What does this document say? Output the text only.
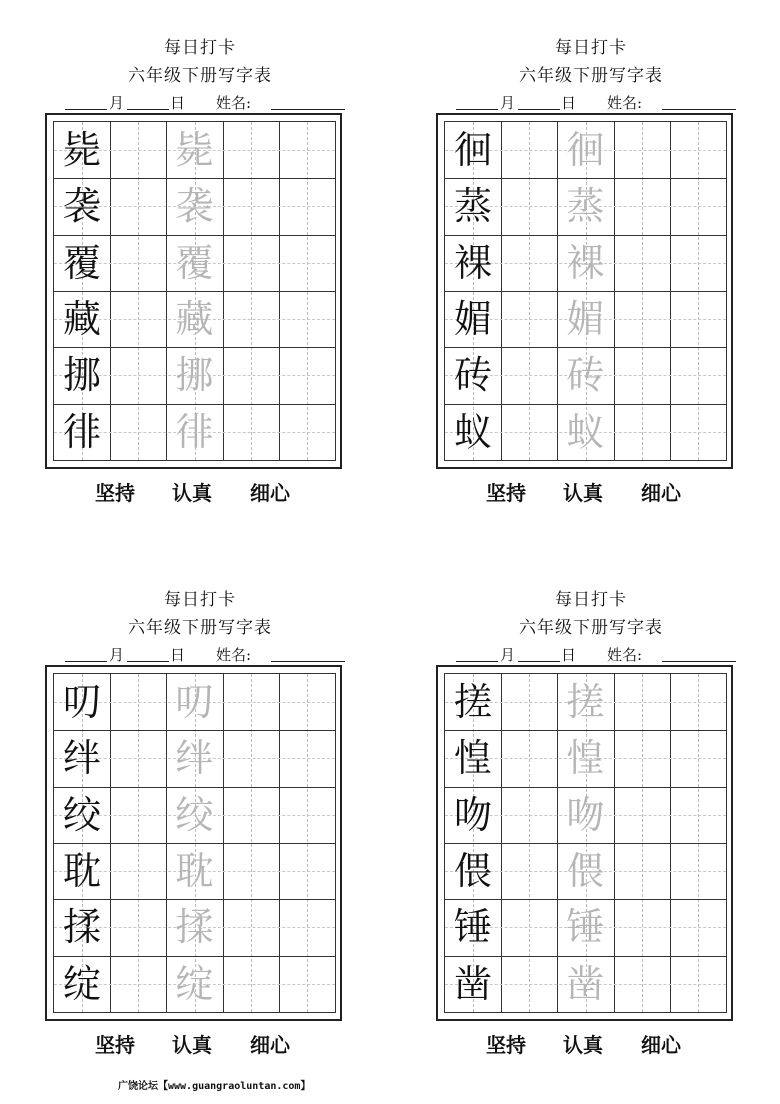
每日打卡
六年级下册写字表
月	日 姓名:
毙 毙
袭 袭
覆 覆
藏 藏
挪 挪
徘 徘
坚持 认真 细心
每日打卡
六年级下册写字表
月	日 姓名:
徊 徊
蒸 蒸
裸 裸
媚 媚
砖 砖
蚁 蚁
坚持 认真 细心
每日打卡
六年级下册写字表
月	日 姓名:
叨 叨
绊 绊
绞 绞
耽 耽
揉 揉
绽 绽
坚持 认真 细心
每日打卡
六年级下册写字表
月	日 姓名:
搓 搓
惶 惶
吻 吻
偎 偎
锤 锤
凿 凿
坚持 认真 细心
广饶论坛【www.guangraoluntan.com】
